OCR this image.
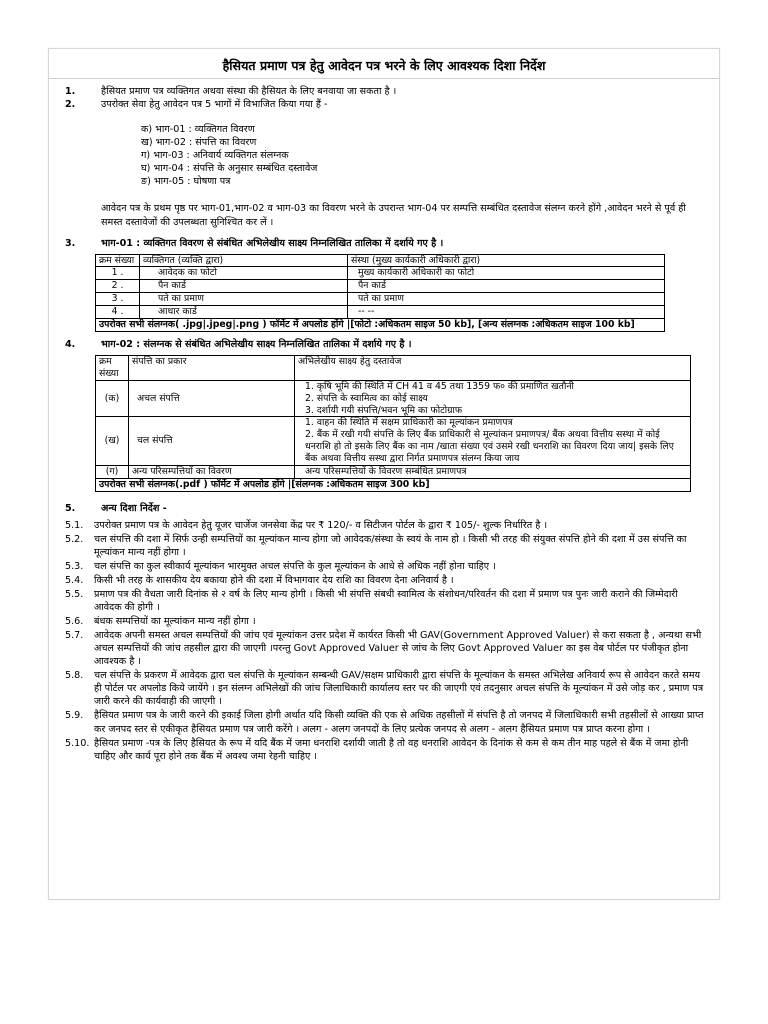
हैसियत प्रमाण पत्र हेतु आवेदन पत्र भरने के लिए आवश्यक दिशा निर्देश
1.	हैसियत प्रमाण पत्र व्यक्तिगत अथवा संस्था की हैसियत के लिए बनवाया जा सकता है ।
2.	उपरोक्त सेवा हेतु आवेदन पत्र 5 भागों में विभाजित किया गया हैं -
क) भाग-01 : व्यक्तिगत विवरण
ख) भाग-02 : संपत्ति का विवरण
ग) भाग-03 : अनिवार्य व्यक्तिगत संलग्नक
घ) भाग-04 : संपत्ति के अनुसार सम्बंधित दस्तावेज
ङ) भाग-05 : घोषणा पत्र
आवेदन पत्र के प्रथम पृष्ठ पर भाग-01,भाग-02 व भाग-03 का विवरण भरने के उपरान्त भाग-04 पर सम्पत्ति सम्बंधित दस्तावेज संलग्न करने होंगे ,आवेदन भरने से पूर्व ही समस्त दस्तावेजों की उपलब्धता सुनिश्चित कर लें ।
3.	भाग-01 : व्यक्तिगत विवरण से संबंधित अभिलेखीय साक्ष्य निम्नलिखित तालिका में दर्शाये गए है ।
क्रम संख्या	व्यक्तिगत (व्यक्ति द्वारा)	संस्था (मुख्य कार्यकारी अधिकारी द्वारा)
1 .	आवेदक का फोटो	मुख्य कार्यकारी अधिकारी का फोटो
2 .	पैन कार्ड	पैन कार्ड
3 .	पते का प्रमाण	पते का प्रमाण
4 .	आधार कार्ड	-- --
उपरोक्त सभी संलग्नक( .jpg|.jpeg|.png ) फॉर्मेट में अपलोड होंगे |[फोटो :अधिकतम साइज 50 kb], [अन्य संलग्नक :अधिकतम साइज 100 kb]		
4.	भाग-02 : संलग्नक से संबंधित अभिलेखीय साक्ष्य निम्नलिखित तालिका में दर्शाये गए है ।
क्रम संख्या	संपत्ति का प्रकार	अभिलेखीय साक्ष्य हेतु दस्तावेज
(क)	अचल संपत्ति	1. कृषि भूमि की स्थिति में CH 41 व 45 तथा 1359 फ० की प्रमाणित खतौनी
2. संपत्ति के स्वामित्व का कोई साक्ष्य
3. दर्शायी गयी संपत्ति/भवन भूमि का फोटोग्राफ

(ख)	चल संपत्ति	1. वाहन की स्थिति में सक्षम प्राधिकारी का मूल्यांकन प्रमाणपत्र
2. बैंक में रखी गयी संपत्ति के लिए बैंक प्राधिकारी से मूल्यांकन प्रमाणपत्र/ बैंक अथवा वित्तीय सस्था में कोई धनराशि हो तो इसके लिए बैंक का नाम /खाता संख्या एवं उसमे रखी धनराशि का विवरण दिया जाय| इसके लिए बैंक अथवा वित्तीय सस्था द्वारा निर्गत प्रमाणपत्र संलग्न किया जाय

(ग)	अन्य परिसम्पत्तियों का विवरण	अन्य परिसम्पत्तियों के विवरण सम्बंधित प्रमाणपत्र

उपरोक्त सभी संलग्नक(.pdf ) फॉर्मेट में अपलोड होंगे |[संलग्नक :अधिकतम साइज 300 kb]		
5.	अन्य दिशा निर्देश -
5.1.	उपरोक्त प्रमाण पत्र के आवेदन हेतु यूजर चार्जेज जनसेवा केंद्र पर ₹ 120/- व सिटीजन पोर्टल के द्वारा ₹ 105/- शुल्क निर्धारित है ।
5.2.	चल संपत्ति की दशा में सिर्फ उन्ही सम्पत्तियों का मूल्यांकन मान्य होगा जो आवेदक/संस्था के स्वयं के नाम हो । किसी भी तरह की संयुक्त संपत्ति होने की दशा में उस संपत्ति का मूल्यांकन मान्य नहीं होगा ।
5.3.	चल संपत्ति का कुल स्वीकार्य मूल्यांकन भारमुक्त अचल संपत्ति के कुल मूल्यांकन के आधे से अधिक नहीं होना चाहिए ।
5.4.	किसी भी तरह के शासकीय देय बकाया होने की दशा में विभागवार देय राशि का विवरण देना अनिवार्य है ।
5.5.	प्रमाण पत्र की वैधता जारी दिनांक से २ वर्ष के लिए मान्य होगी । किसी भी संपत्ति संबधी स्वामित्व के संशोधन/परिवर्तन की दशा में प्रमाण पत्र पुनः जारी कराने की जिम्मेदारी आवेदक की होगी ।
5.6.	बंधक सम्पत्तियों का मूल्यांकन मान्य नहीं होगा ।
5.7.	आवेदक अपनी समस्त अचल सम्पत्तियों की जांच एवं मूल्यांकन उत्तर प्रदेश में कार्यरत किसी भी GAV(Government Approved Valuer) से करा सकता है , अन्यथा सभी अचल सम्पत्तियों की जांच तहसील द्वारा की जाएगी ।परन्तु Govt Approved Valuer से जांच के लिए Govt Approved Valuer का इस वेब पोर्टल पर पंजीकृत होना आवश्यक है ।
5.8.	चल संपत्ति के प्रकरण में आवेदक द्वारा चल संपत्ति के मूल्यांकन सम्बन्धी GAV/सक्षम प्राधिकारी द्वारा संपत्ति के मूल्यांकन के समस्त अभिलेख अनिवार्य रूप से आवेदन करते समय ही पोर्टल पर अपलोड किये जायेंगे । इन संलग्न अभिलेखों की जांच जिलाधिकारी कार्यालय स्तर पर की जाएगी एवं तदनुसार अचल संपत्ति के मूल्यांकन में उसे जोड़ कर , प्रमाण पत्र जारी करने की कार्यवाही की जाएगी ।
5.9.	हैसियत प्रमाण पत्र के जारी करने की इकाई जिला होगी अर्थात यदि किसी व्यक्ति की एक से अधिक तहसीलों में संपत्ति है तो जनपद में जिलाधिकारी सभी तहसीलों से आख्या प्राप्त कर जनपद स्तर से एकीकृत हैसियत प्रमाण पत्र जारी करेंगे । अलग - अलग जनपदों के लिए प्रत्येक जनपद से अलग - अलग हैसियत प्रमाण पत्र प्राप्त करना होगा ।
5.10. हैसियत प्रमाण -पत्र के लिए हैसियत के रूप में यदि बैंक में जमा धनराशि दर्शायी जाती है तो वह धनराशि आवेदन के दिनांक से कम से कम तीन माह पहले से बैंक में जमा होनी चाहिए और कार्य पूरा होने तक बैंक में अवश्य जमा रेहनी चाहिए ।
